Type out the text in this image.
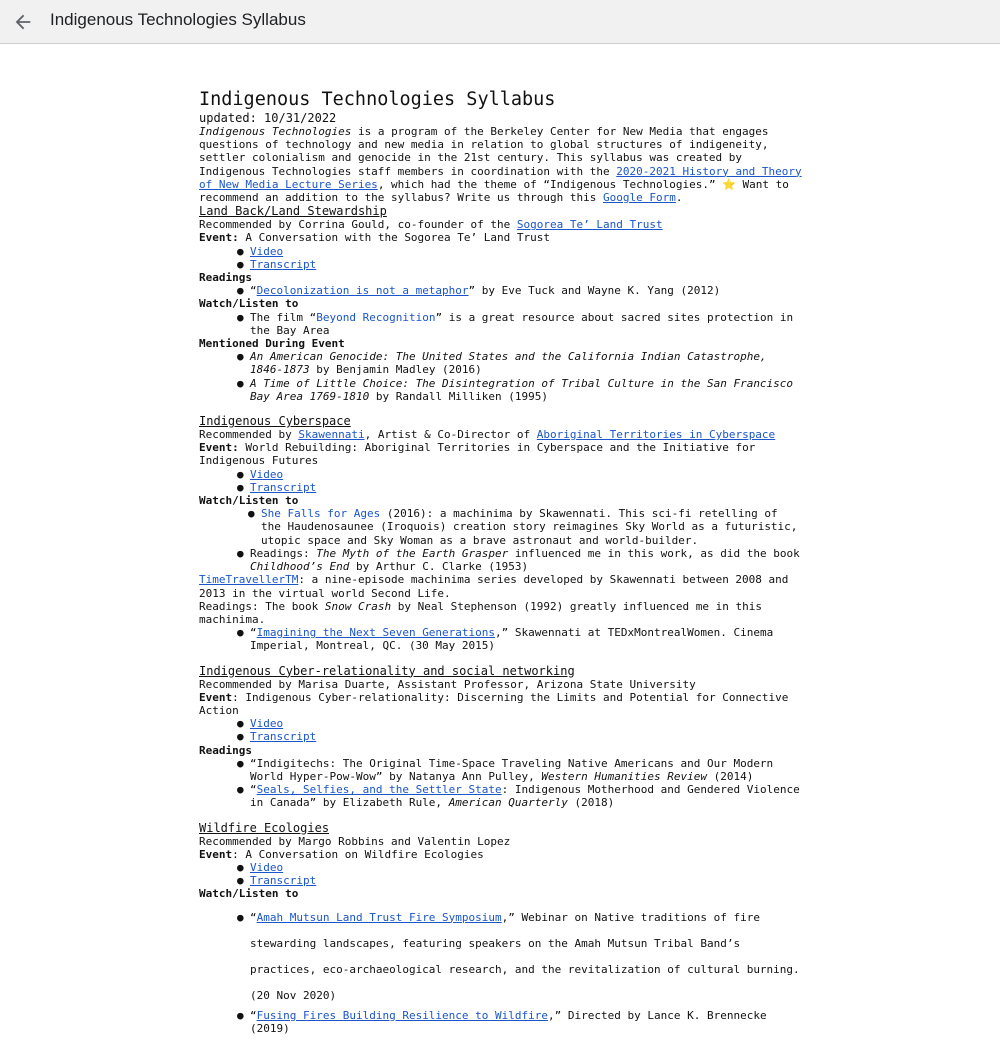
Indigenous Technologies Syllabus

Indigenous Technologies Syllabus

updated: 10/31/2022

Indigenous Technologies is a program of the Berkeley Center for New Media that engages questions of technology and new media in relation to global structures of indigeneity, settler colonialism and genocide in the 21st century. This syllabus was created by Indigenous Technologies staff members in coordination with the 2020-2021 History and Theory of New Media Lecture Series, which had the theme of “Indigenous Technologies.” ⭐ Want to recommend an addition to the syllabus? Write us through this Google Form.

Land Back/Land Stewardship

Recommended by Corrina Gould, co-founder of the Sogorea Te’ Land Trust

Event: A Conversation with the Sogorea Te’ Land Trust

● Video
● Transcript

Readings

● “Decolonization is not a metaphor” by Eve Tuck and Wayne K. Yang (2012)

Watch/Listen to

● The film “Beyond Recognition” is a great resource about sacred sites protection in the Bay Area

Mentioned During Event

● An American Genocide: The United States and the California Indian Catastrophe, 1846-1873 by Benjamin Madley (2016)
● A Time of Little Choice: The Disintegration of Tribal Culture in the San Francisco Bay Area 1769-1810 by Randall Milliken (1995)

Indigenous Cyberspace

Recommended by Skawennati, Artist & Co-Director of Aboriginal Territories in Cyberspace

Event: World Rebuilding: Aboriginal Territories in Cyberspace and the Initiative for Indigenous Futures

● Video
● Transcript

Watch/Listen to

● She Falls for Ages (2016): a machinima by Skawennati. This sci-fi retelling of the Haudenosaunee (Iroquois) creation story reimagines Sky World as a futuristic, utopic space and Sky Woman as a brave astronaut and world-builder.
● Readings: The Myth of the Earth Grasper influenced me in this work, as did the book Childhood’s End by Arthur C. Clarke (1953)

TimeTravellerTM: a nine-episode machinima series developed by Skawennati between 2008 and 2013 in the virtual world Second Life.

Readings: The book Snow Crash by Neal Stephenson (1992) greatly influenced me in this machinima.

● “Imagining the Next Seven Generations,” Skawennati at TEDxMontrealWomen. Cinema Imperial, Montreal, QC. (30 May 2015)

Indigenous Cyber-relationality and social networking

Recommended by Marisa Duarte, Assistant Professor, Arizona State University

Event: Indigenous Cyber-relationality: Discerning the Limits and Potential for Connective Action

● Video
● Transcript

Readings

● “Indigitechs: The Original Time-Space Traveling Native Americans and Our Modern World Hyper-Pow-Wow” by Natanya Ann Pulley, Western Humanities Review (2014)
● “Seals, Selfies, and the Settler State: Indigenous Motherhood and Gendered Violence in Canada” by Elizabeth Rule, American Quarterly (2018)

Wildfire Ecologies

Recommended by Margo Robbins and Valentin Lopez

Event: A Conversation on Wildfire Ecologies

● Video
● Transcript

Watch/Listen to

● “Amah Mutsun Land Trust Fire Symposium,” Webinar on Native traditions of fire stewarding landscapes, featuring speakers on the Amah Mutsun Tribal Band’s practices, eco-archaeological research, and the revitalization of cultural burning. (20 Nov 2020)
● “Fusing Fires Building Resilience to Wildfire,” Directed by Lance K. Brennecke (2019)
